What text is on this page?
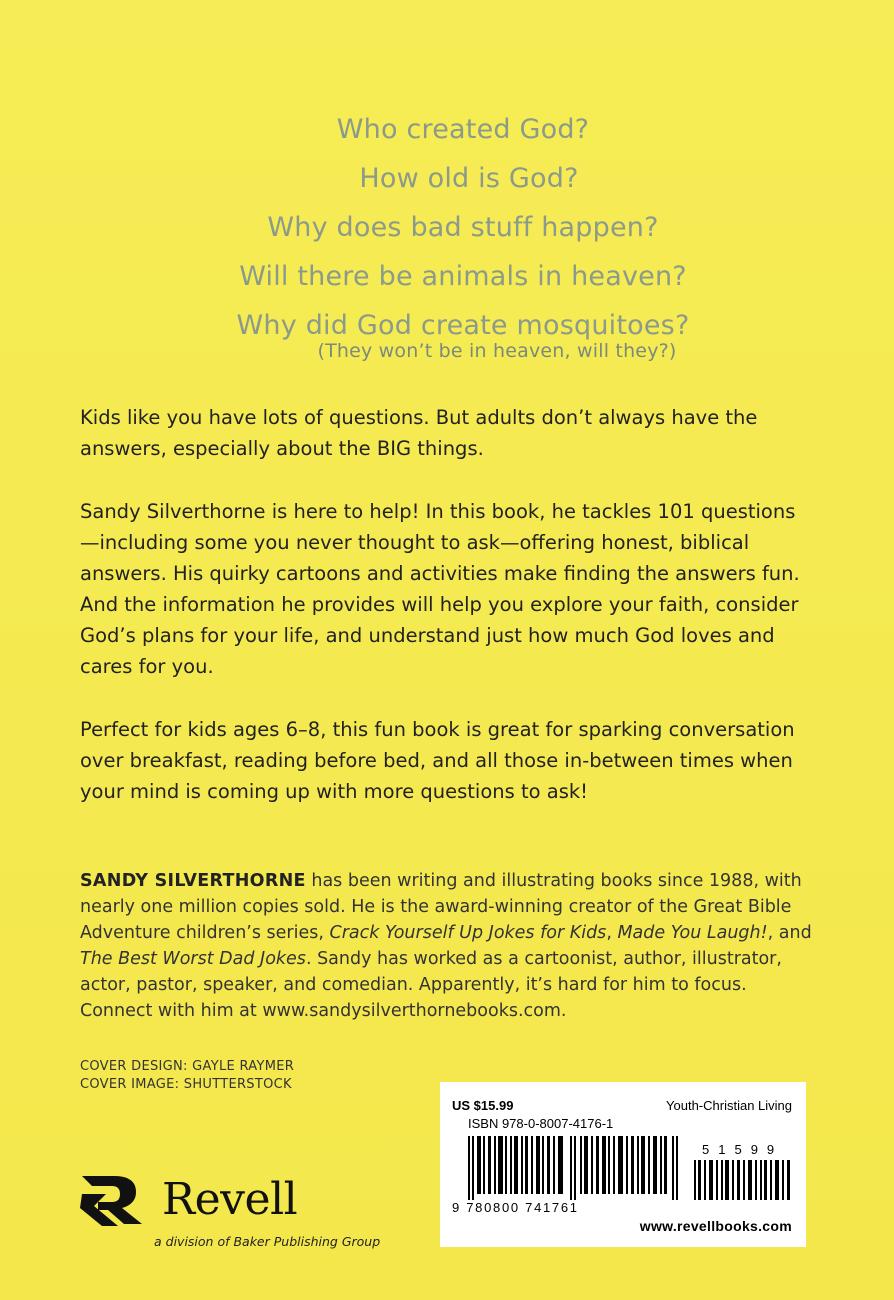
Who created God?
How old is God?
Why does bad stuff happen?
Will there be animals in heaven?
Why did God create mosquitoes?
(They won’t be in heaven, will they?)

Kids like you have lots of questions. But adults don’t always have the answers, especially about the BIG things.

Sandy Silverthorne is here to help! In this book, he tackles 101 questions—including some you never thought to ask—offering honest, biblical answers. His quirky cartoons and activities make finding the answers fun. And the information he provides will help you explore your faith, consider God’s plans for your life, and understand just how much God loves and cares for you.

Perfect for kids ages 6–8, this fun book is great for sparking conversation over breakfast, reading before bed, and all those in-between times when your mind is coming up with more questions to ask!

SANDY SILVERTHORNE has been writing and illustrating books since 1988, with nearly one million copies sold. He is the award-winning creator of the Great Bible Adventure children’s series, Crack Yourself Up Jokes for Kids, Made You Laugh!, and The Best Worst Dad Jokes. Sandy has worked as a cartoonist, author, illustrator, actor, pastor, speaker, and comedian. Apparently, it’s hard for him to focus. Connect with him at www.sandysilverthornebooks.com.
COVER DESIGN: GAYLE RAYMER
COVER IMAGE: SHUTTERSTOCK
Revell
a division of Baker Publishing Group
US $15.99	Youth-Christian Living
ISBN 978-0-8007-4176-1
51599
9 780800 741761
www.revellbooks.com
